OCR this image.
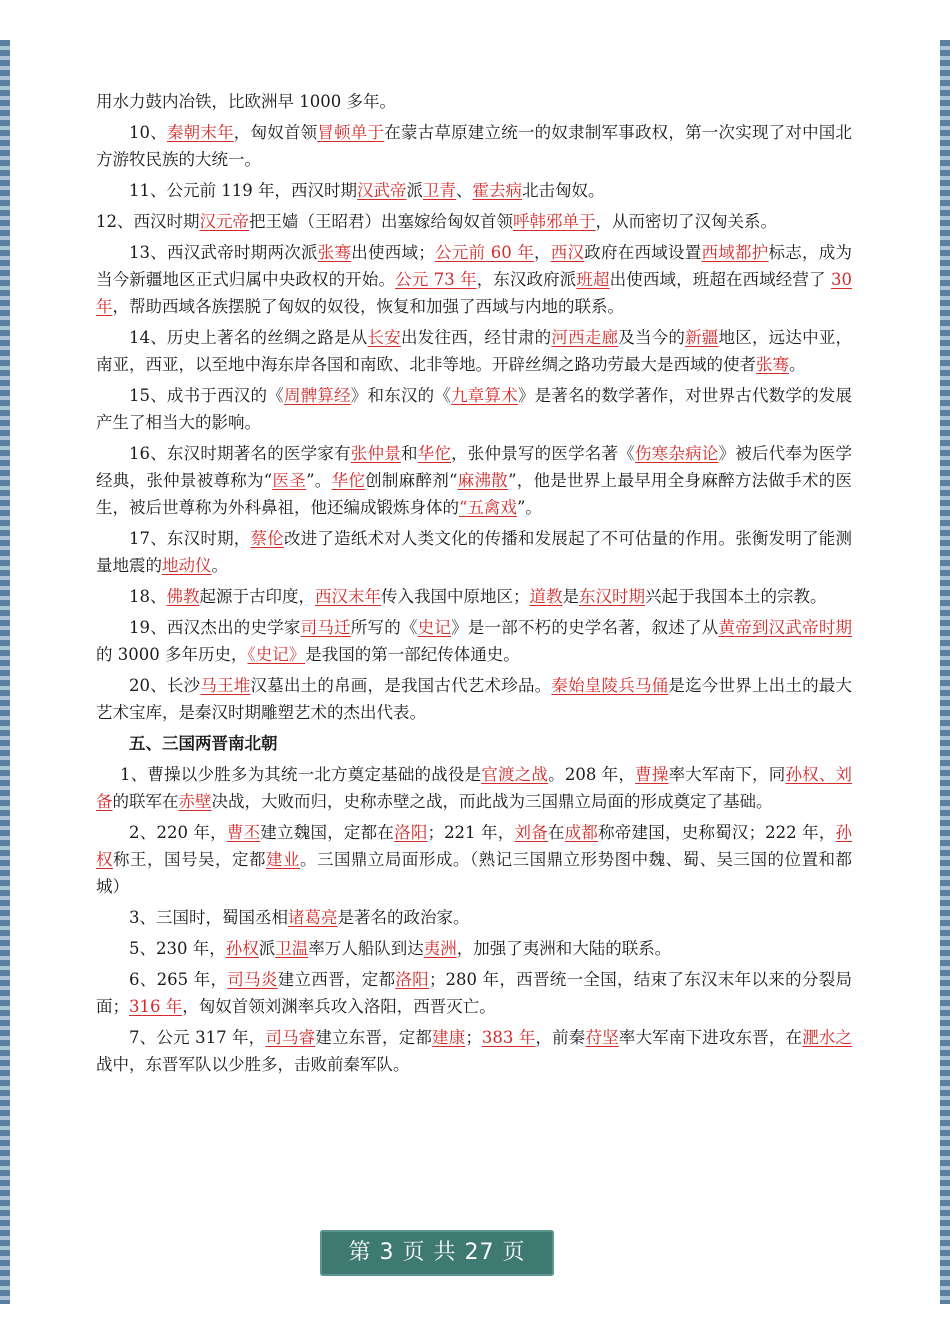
用水力鼓内冶铁，比欧洲早 1000 多年。

10、秦朝末年，匈奴首领冒顿单于在蒙古草原建立统一的奴隶制军事政权，第一次实现了对中国北方游牧民族的大统一。

11、公元前 119 年，西汉时期汉武帝派卫青、霍去病北击匈奴。

12、西汉时期汉元帝把王嫱（王昭君）出塞嫁给匈奴首领呼韩邪单于，从而密切了汉匈关系。

13、西汉武帝时期两次派张骞出使西域；公元前 60 年，西汉政府在西域设置西域都护标志，成为当今新疆地区正式归属中央政权的开始。公元 73 年，东汉政府派班超出使西域，班超在西域经营了 30 年，帮助西域各族摆脱了匈奴的奴役，恢复和加强了西域与内地的联系。

14、历史上著名的丝绸之路是从长安出发往西，经甘肃的河西走廊及当今的新疆地区，远达中亚，南亚，西亚，以至地中海东岸各国和南欧、北非等地。开辟丝绸之路功劳最大是西域的使者张骞。

15、成书于西汉的《周髀算经》和东汉的《九章算术》是著名的数学著作，对世界古代数学的发展产生了相当大的影响。

16、东汉时期著名的医学家有张仲景和华佗，张仲景写的医学名著《伤寒杂病论》被后代奉为医学经典，张仲景被尊称为“医圣”。华佗创制麻醉剂“麻沸散”，他是世界上最早用全身麻醉方法做手术的医生，被后世尊称为外科鼻祖，他还编成锻炼身体的“五禽戏”。

17、东汉时期，蔡伦改进了造纸术对人类文化的传播和发展起了不可估量的作用。张衡发明了能测量地震的地动仪。

18、佛教起源于古印度，西汉末年传入我国中原地区；道教是东汉时期兴起于我国本土的宗教。

19、西汉杰出的史学家司马迁所写的《史记》是一部不朽的史学名著，叙述了从黄帝到汉武帝时期的 3000 多年历史，《史记》是我国的第一部纪传体通史。

20、长沙马王堆汉墓出土的帛画，是我国古代艺术珍品。秦始皇陵兵马俑是迄今世界上出土的最大艺术宝库，是秦汉时期雕塑艺术的杰出代表。

五、三国两晋南北朝

1、曹操以少胜多为其统一北方奠定基础的战役是官渡之战。208 年，曹操率大军南下，同孙权、刘备的联军在赤壁决战，大败而归，史称赤壁之战，而此战为三国鼎立局面的形成奠定了基础。

2、220 年，曹丕建立魏国，定都在洛阳；221 年，刘备在成都称帝建国，史称蜀汉；222 年，孙权称王，国号吴，定都建业。三国鼎立局面形成。（熟记三国鼎立形势图中魏、蜀、吴三国的位置和都城）

3、三国时，蜀国丞相诸葛亮是著名的政治家。

5、230 年，孙权派卫温率万人船队到达夷洲，加强了夷洲和大陆的联系。

6、265 年，司马炎建立西晋，定都洛阳；280 年，西晋统一全国，结束了东汉末年以来的分裂局面；316 年，匈奴首领刘渊率兵攻入洛阳，西晋灭亡。

7、公元 317 年，司马睿建立东晋，定都建康；383 年，前秦苻坚率大军南下进攻东晋，在淝水之战中，东晋军队以少胜多，击败前秦军队。

第 3 页 共 27 页
